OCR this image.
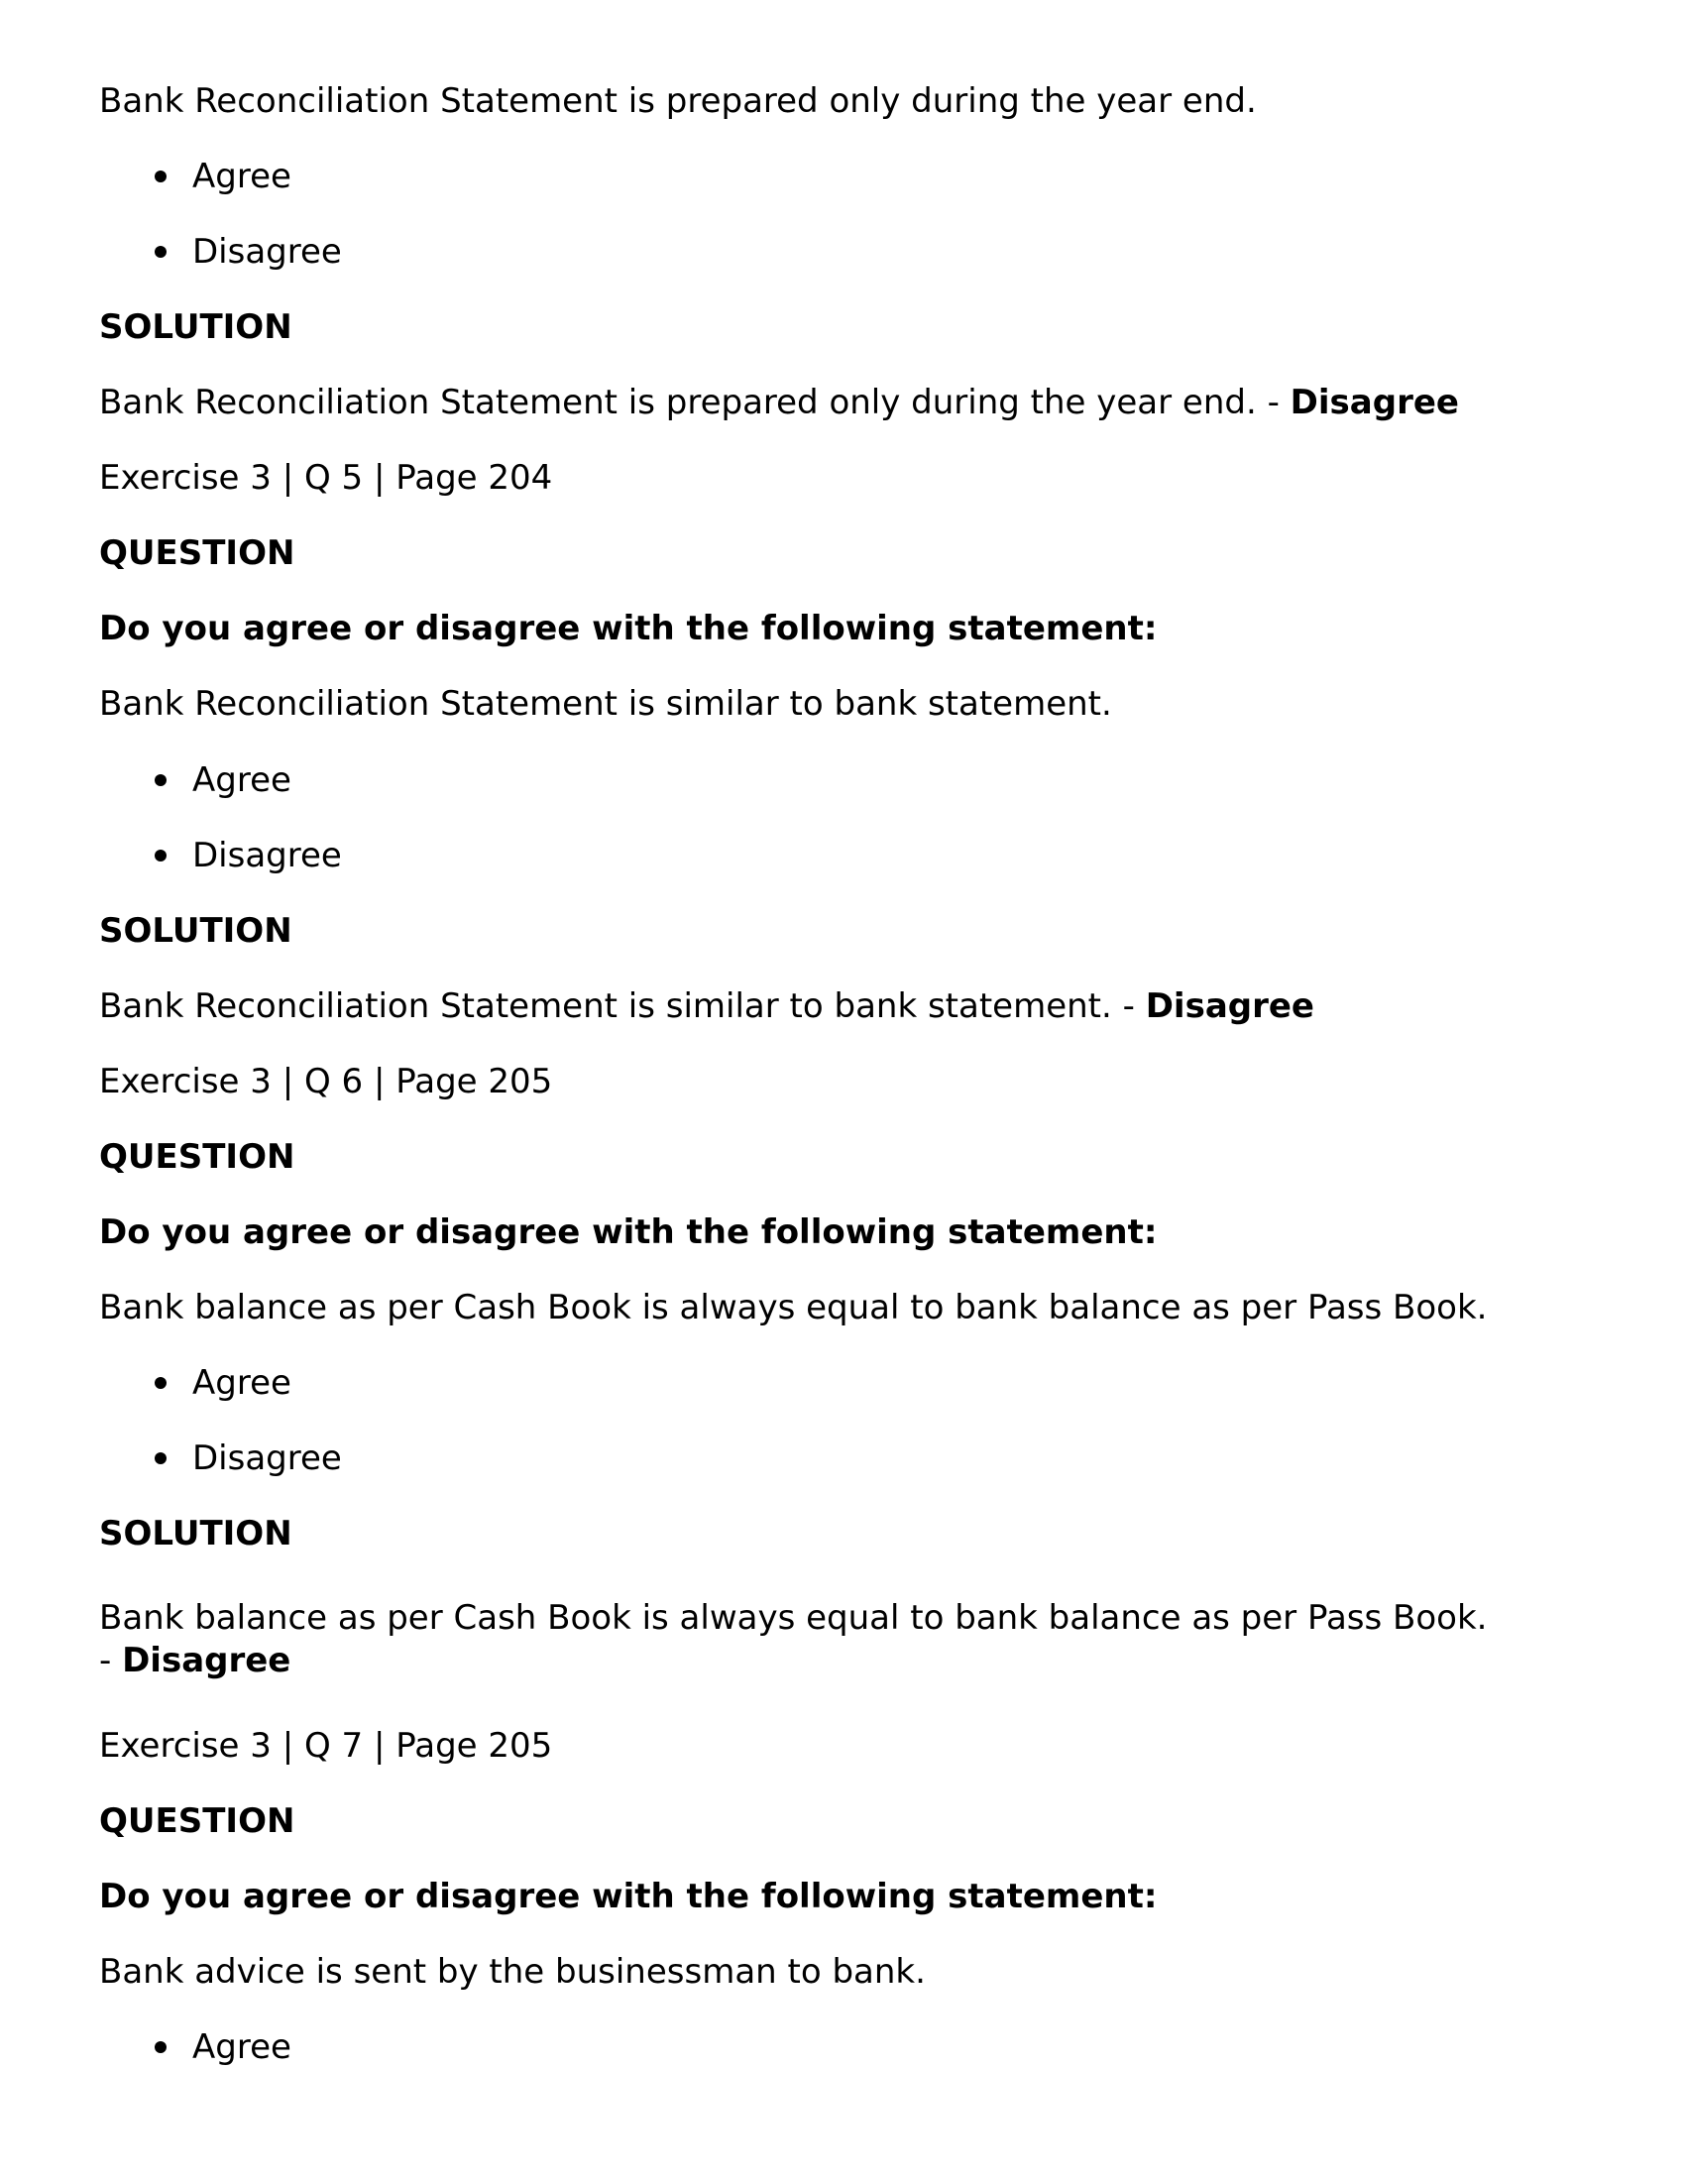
Bank Reconciliation Statement is prepared only during the year end.
Agree
Disagree
SOLUTION
Bank Reconciliation Statement is prepared only during the year end. - Disagree
Exercise 3 | Q 5 | Page 204
QUESTION
Do you agree or disagree with the following statement:
Bank Reconciliation Statement is similar to bank statement.
Agree
Disagree
SOLUTION
Bank Reconciliation Statement is similar to bank statement. - Disagree
Exercise 3 | Q 6 | Page 205
QUESTION
Do you agree or disagree with the following statement:
Bank balance as per Cash Book is always equal to bank balance as per Pass Book.
Agree
Disagree
SOLUTION
Bank balance as per Cash Book is always equal to bank balance as per Pass Book.
- Disagree
Exercise 3 | Q 7 | Page 205
QUESTION
Do you agree or disagree with the following statement:
Bank advice is sent by the businessman to bank.
Agree
